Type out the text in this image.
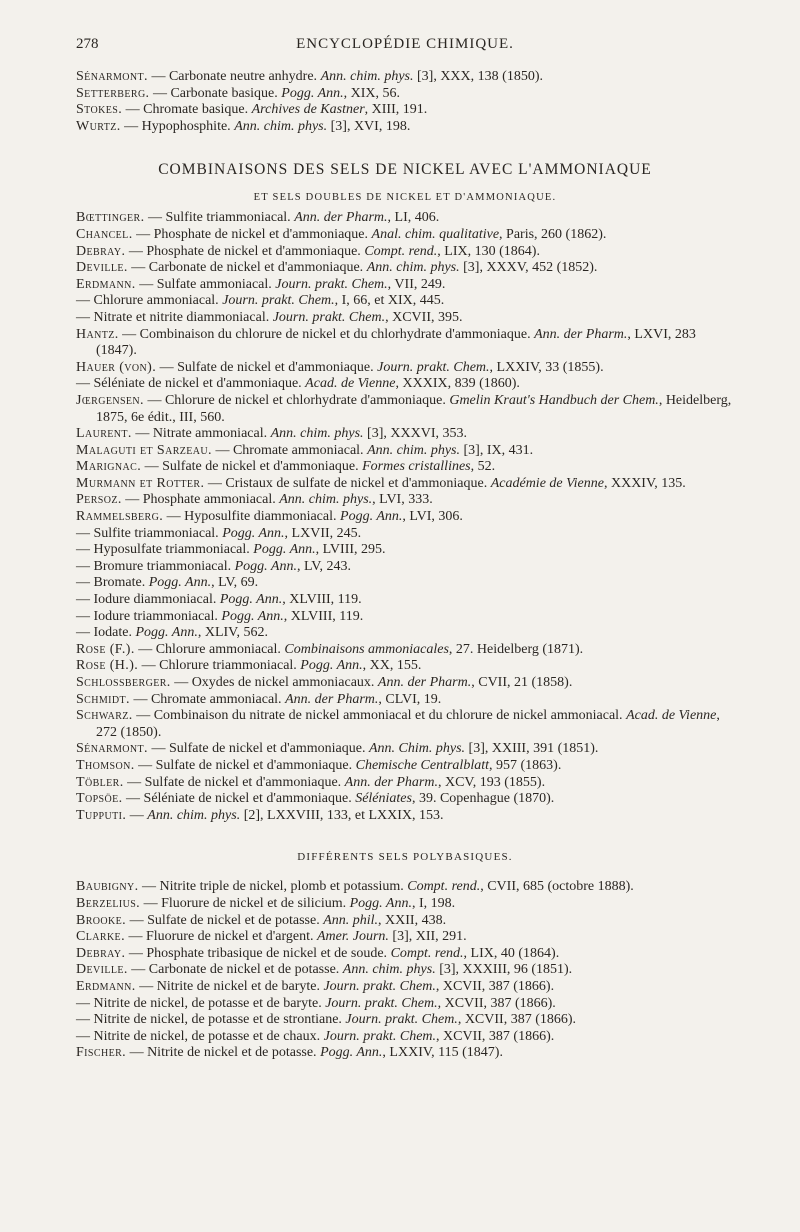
278	ENCYCLOPÉDIE CHIMIQUE.
Sénarmont. — Carbonate neutre anhydre. Ann. chim. phys. [3], XXX, 138 (1850).
Setterberg. — Carbonate basique. Pogg. Ann., XIX, 56.
Stokes. — Chromate basique. Archives de Kastner, XIII, 191.
Wurtz. — Hypophosphite. Ann. chim. phys. [3], XVI, 198.
COMBINAISONS DES SELS DE NICKEL AVEC L'AMMONIAQUE
ET SELS DOUBLES DE NICKEL ET D'AMMONIAQUE.
Bœttinger. — Sulfite triammoniacal. Ann. der Pharm., LI, 406.
Chancel. — Phosphate de nickel et d'ammoniaque. Anal. chim. qualitative, Paris, 260 (1862).
Debray. — Phosphate de nickel et d'ammoniaque. Compt. rend., LIX, 130 (1864).
Deville. — Carbonate de nickel et d'ammoniaque. Ann. chim. phys. [3], XXXV, 452 (1852).
Erdmann. — Sulfate ammoniacal. Journ. prakt. Chem., VII, 249.
— Chlorure ammoniacal. Journ. prakt. Chem., I, 66, et XIX, 445.
— Nitrate et nitrite diammoniacal. Journ. prakt. Chem., XCVII, 395.
Hantz. — Combinaison du chlorure de nickel et du chlorhydrate d'ammoniaque. Ann. der Pharm., LXVI, 283 (1847).
Hauer (von). — Sulfate de nickel et d'ammoniaque. Journ. prakt. Chem., LXXIV, 33 (1855).
— Séléniate de nickel et d'ammoniaque. Acad. de Vienne, XXXIX, 839 (1860).
Jœrgensen. — Chlorure de nickel et chlorhydrate d'ammoniaque. Gmelin Kraut's Handbuch der Chem., Heidelberg, 1875, 6e édit., III, 560.
Laurent. — Nitrate ammoniacal. Ann. chim. phys. [3], XXXVI, 353.
Malaguti et Sarzeau. — Chromate ammoniacal. Ann. chim. phys. [3], IX, 431.
Marignac. — Sulfate de nickel et d'ammoniaque. Formes cristallines, 52.
Murmann et Rotter. — Cristaux de sulfate de nickel et d'ammoniaque. Académie de Vienne, XXXIV, 135.
Persoz. — Phosphate ammoniacal. Ann. chim. phys., LVI, 333.
Rammelsberg. — Hyposulfite diammoniacal. Pogg. Ann., LVI, 306.
— Sulfite triammoniacal. Pogg. Ann., LXVII, 245.
— Hyposulfate triammoniacal. Pogg. Ann., LVIII, 295.
— Bromure triammoniacal. Pogg. Ann., LV, 243.
— Bromate. Pogg. Ann., LV, 69.
— Iodure diammoniacal. Pogg. Ann., XLVIII, 119.
— Iodure triammoniacal. Pogg. Ann., XLVIII, 119.
— Iodate. Pogg. Ann., XLIV, 562.
Rose (F.). — Chlorure ammoniacal. Combinaisons ammoniacales, 27. Heidelberg (1871).
Rose (H.). — Chlorure triammoniacal. Pogg. Ann., XX, 155.
Schlossberger. — Oxydes de nickel ammoniacaux. Ann. der Pharm., CVII, 21 (1858).
Schmidt. — Chromate ammoniacal. Ann. der Pharm., CLVI, 19.
Schwarz. — Combinaison du nitrate de nickel ammoniacal et du chlorure de nickel ammoniacal. Acad. de Vienne, 272 (1850).
Sénarmont. — Sulfate de nickel et d'ammoniaque. Ann. Chim. phys. [3], XXIII, 391 (1851).
Thomson. — Sulfate de nickel et d'ammoniaque. Chemische Centralblatt, 957 (1863).
Töbler. — Sulfate de nickel et d'ammoniaque. Ann. der Pharm., XCV, 193 (1855).
Topsöe. — Séléniate de nickel et d'ammoniaque. Séléniates, 39. Copenhague (1870).
Tupputi. — Ann. chim. phys. [2], LXXVIII, 133, et LXXIX, 153.
DIFFÉRENTS SELS POLYBASIQUES.
Baubigny. — Nitrite triple de nickel, plomb et potassium. Compt. rend., CVII, 685 (octobre 1888).
Berzelius. — Fluorure de nickel et de silicium. Pogg. Ann., I, 198.
Brooke. — Sulfate de nickel et de potasse. Ann. phil., XXII, 438.
Clarke. — Fluorure de nickel et d'argent. Amer. Journ. [3], XII, 291.
Debray. — Phosphate tribasique de nickel et de soude. Compt. rend., LIX, 40 (1864).
Deville. — Carbonate de nickel et de potasse. Ann. chim. phys. [3], XXXIII, 96 (1851).
Erdmann. — Nitrite de nickel et de baryte. Journ. prakt. Chem., XCVII, 387 (1866).
— Nitrite de nickel, de potasse et de baryte. Journ. prakt. Chem., XCVII, 387 (1866).
— Nitrite de nickel, de potasse et de strontiane. Journ. prakt. Chem., XCVII, 387 (1866).
— Nitrite de nickel, de potasse et de chaux. Journ. prakt. Chem., XCVII, 387 (1866).
Fischer. — Nitrite de nickel et de potasse. Pogg. Ann., LXXIV, 115 (1847).
